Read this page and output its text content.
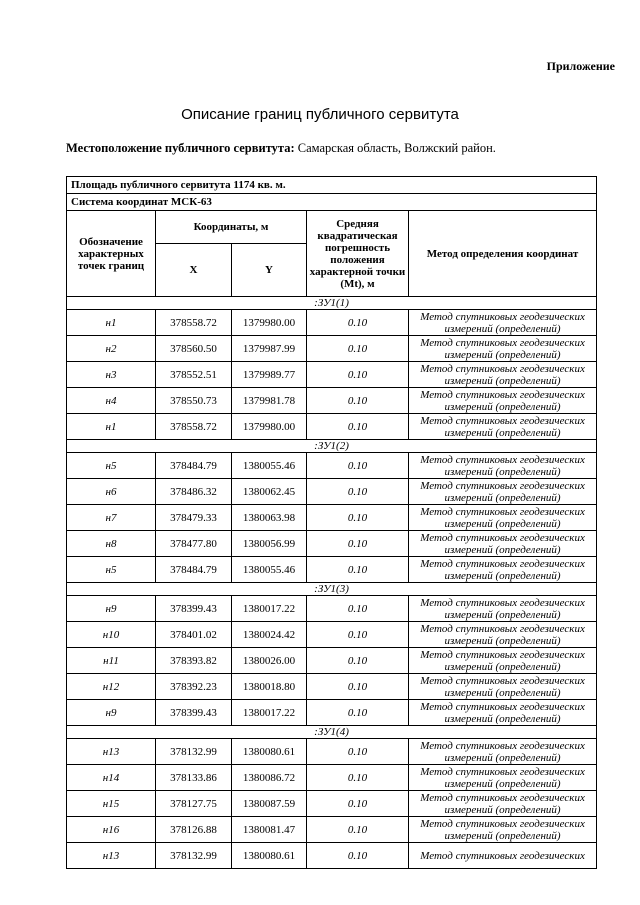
Приложение
Описание границ публичного сервитута
Местоположение публичного сервитута: Самарская область, Волжский район.
Площадь публичного сервитута 1174 кв. м.				
Система координат МСК-63				
Обозначение характерных точек границ	Координаты, м		Средняя квадратическая погрешность положения характерной точки (Mt), м	Метод определения координат
	X	Y		
:ЗУ1(1)				
н1	378558.72	1379980.00	0.10	Метод спутниковых геодезических измерений (определений)
н2	378560.50	1379987.99	0.10	Метод спутниковых геодезических измерений (определений)
н3	378552.51	1379989.77	0.10	Метод спутниковых геодезических измерений (определений)
н4	378550.73	1379981.78	0.10	Метод спутниковых геодезических измерений (определений)
н1	378558.72	1379980.00	0.10	Метод спутниковых геодезических измерений (определений)
:ЗУ1(2)				
н5	378484.79	1380055.46	0.10	Метод спутниковых геодезических измерений (определений)
н6	378486.32	1380062.45	0.10	Метод спутниковых геодезических измерений (определений)
н7	378479.33	1380063.98	0.10	Метод спутниковых геодезических измерений (определений)
н8	378477.80	1380056.99	0.10	Метод спутниковых геодезических измерений (определений)
н5	378484.79	1380055.46	0.10	Метод спутниковых геодезических измерений (определений)
:ЗУ1(3)				
н9	378399.43	1380017.22	0.10	Метод спутниковых геодезических измерений (определений)
н10	378401.02	1380024.42	0.10	Метод спутниковых геодезических измерений (определений)
н11	378393.82	1380026.00	0.10	Метод спутниковых геодезических измерений (определений)
н12	378392.23	1380018.80	0.10	Метод спутниковых геодезических измерений (определений)
н9	378399.43	1380017.22	0.10	Метод спутниковых геодезических измерений (определений)
:ЗУ1(4)				
н13	378132.99	1380080.61	0.10	Метод спутниковых геодезических измерений (определений)
н14	378133.86	1380086.72	0.10	Метод спутниковых геодезических измерений (определений)
н15	378127.75	1380087.59	0.10	Метод спутниковых геодезических измерений (определений)
н16	378126.88	1380081.47	0.10	Метод спутниковых геодезических измерений (определений)
н13	378132.99	1380080.61	0.10	Метод спутниковых геодезических
